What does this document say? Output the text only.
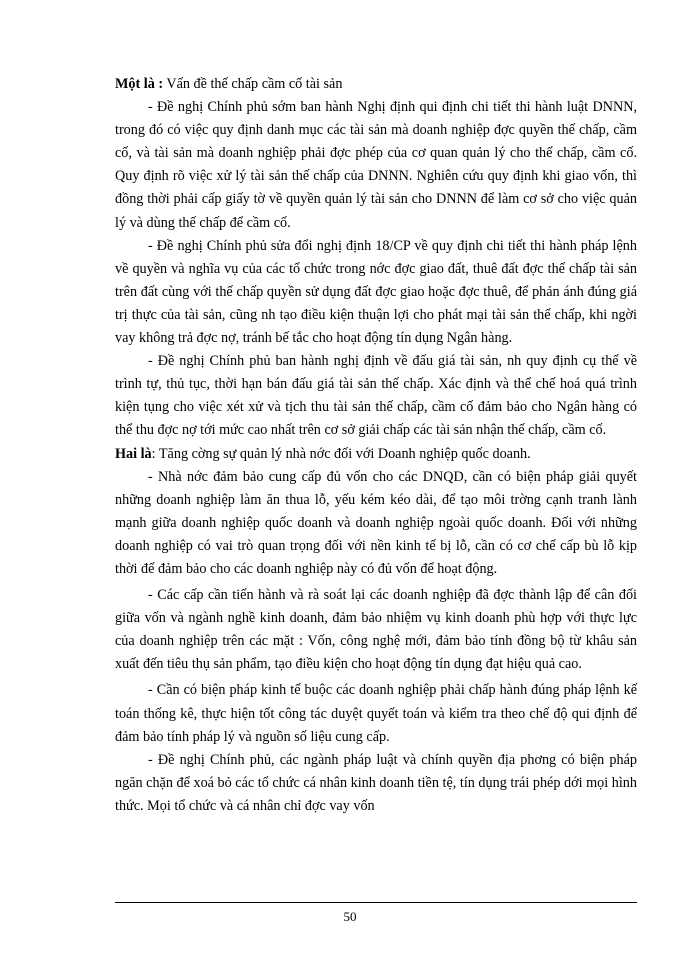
Một là : Vấn đề thế chấp cầm cố tài sản

- Đề nghị Chính phủ sớm ban hành Nghị định qui định chi tiết thi hành luật DNNN, trong đó có việc quy định danh mục các tài sản mà doanh nghiệp đợc quyền thế chấp, cầm cố, và tài sản mà doanh nghiệp phải đợc phép của cơ quan quản lý cho thế chấp, cầm cố. Quy định rõ việc xử lý tài sản thế chấp của DNNN. Nghiên cứu quy định khi giao vốn, thì đồng thời phải cấp giấy tờ về quyền quản lý tài sản cho DNNN để làm cơ sở cho việc quản lý và dùng thế chấp để cầm cố.

- Đề nghị Chính phủ sửa đổi nghị định 18/CP về quy định chi tiết thi hành pháp lệnh về quyền và nghĩa vụ của các tổ chức trong nớc đợc giao đất, thuê đất đợc thế chấp tài sản trên đất cùng với thế chấp quyền sử dụng đất đợc giao hoặc đợc thuê, để phản ánh đúng giá trị thực của tài sản, cũng nh tạo điều kiện thuận lợi cho phát mại tài sản thế chấp, khi ngời vay không trả đợc nợ, tránh bế tắc cho hoạt động tín dụng Ngân hàng.

- Đề nghị Chính phủ ban hành nghị định về đấu giá tài sản, nh quy định cụ thể về trình tự, thủ tục, thời hạn bán đấu giá tài sản thế chấp. Xác định và thể chế hoá quá trình kiện tụng cho việc xét xử và tịch thu tài sản thế chấp, cầm cố đảm bảo cho Ngân hàng có thể thu đợc nợ tới mức cao nhất trên cơ sở giải chấp các tài sản nhận thế chấp, cầm cố.

Hai là: Tăng cờng sự quản lý nhà nớc đối với Doanh nghiệp quốc doanh.

- Nhà nớc đảm bảo cung cấp đủ vốn cho các DNQD, cần có biện pháp giải quyết những doanh nghiệp làm ăn thua lỗ, yếu kém kéo dài, để tạo môi trờng cạnh tranh lành mạnh giữa doanh nghiệp quốc doanh và doanh nghiệp ngoài quốc doanh. Đối với những doanh nghiệp có vai trò quan trọng đối với nền kinh tế bị lỗ, cần có cơ chế cấp bù lỗ kịp thời để đảm bảo cho các doanh nghiệp này có đủ vốn để hoạt động.

- Các cấp cần tiến hành và rà soát lại các doanh nghiệp đã đợc thành lập để cân đối giữa vốn và ngành nghề kinh doanh, đảm bảo nhiệm vụ kinh doanh phù hợp với thực lực của doanh nghiệp trên các mặt : Vốn, công nghệ mới, đảm bảo tính đồng bộ từ khâu sản xuất đến tiêu thụ sản phẩm, tạo điều kiện cho hoạt động tín dụng đạt hiệu quả cao.

- Cần có biện pháp kinh tế buộc các doanh nghiệp phải chấp hành đúng pháp lệnh kế toán thống kê, thực hiện tốt công tác duyệt quyết toán và kiểm tra theo chế độ qui định để đảm bảo tính pháp lý và nguồn số liệu cung cấp.

- Đề nghị Chính phủ, các ngành pháp luật và chính quyền địa phơng có biện pháp ngăn chặn để xoá bỏ các tổ chức cá nhân kinh doanh tiền tệ, tín dụng trái phép dới mọi hình thức. Mọi tổ chức và cá nhân chỉ đợc vay vốn

50
